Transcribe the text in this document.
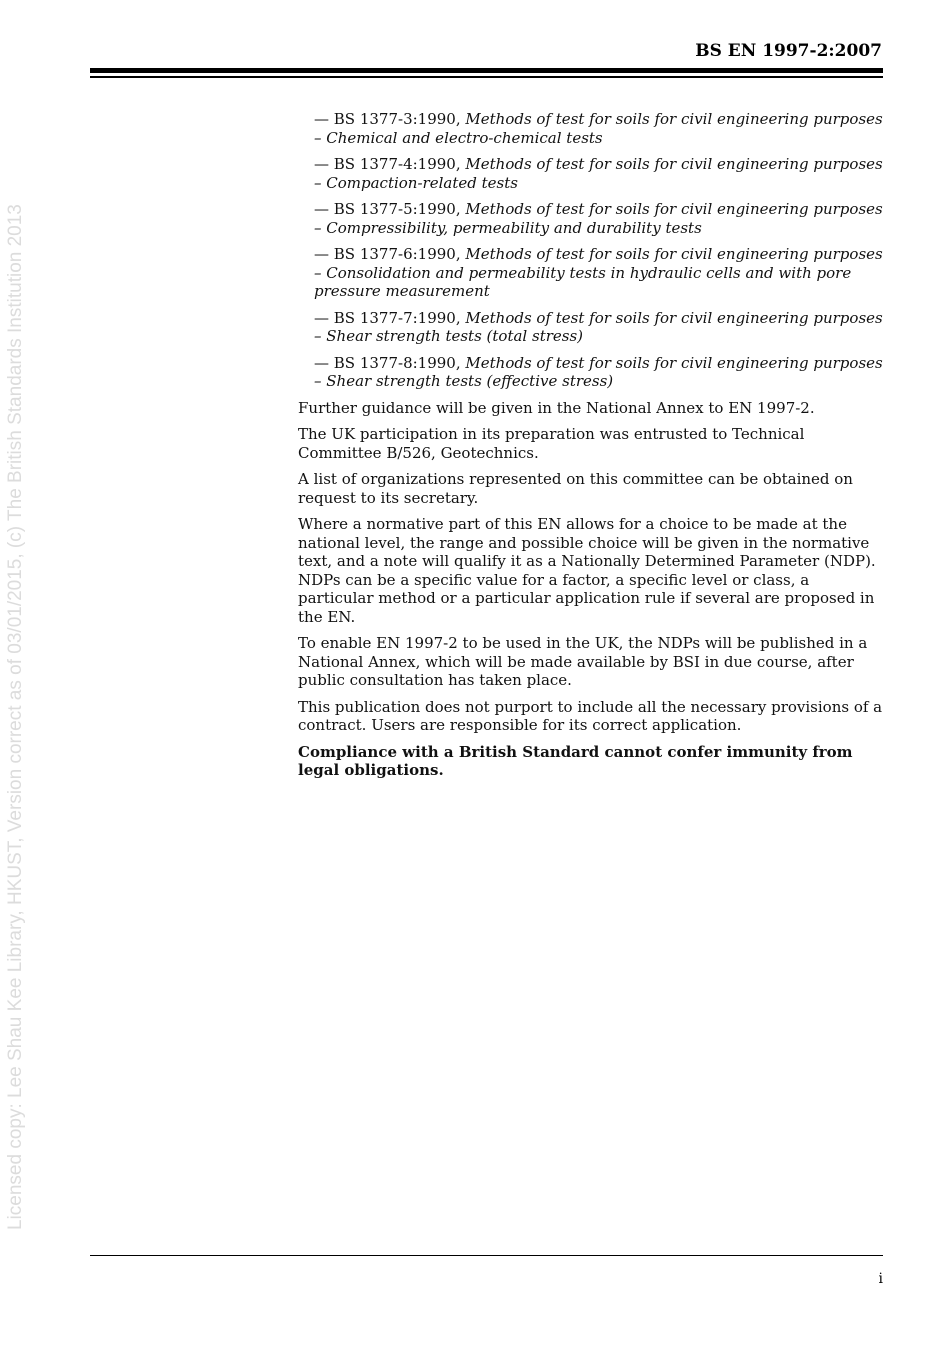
BS EN 1997-2:2007
Licensed copy: Lee Shau Kee Library, HKUST, Version correct as of 03/01/2015, (c) The British Standards Institution 2013
— BS 1377-3:1990, Methods of test for soils for civil engineering purposes – Chemical and electro-chemical tests
— BS 1377-4:1990, Methods of test for soils for civil engineering purposes – Compaction-related tests
— BS 1377-5:1990, Methods of test for soils for civil engineering purposes – Compressibility, permeability and durability tests
— BS 1377-6:1990, Methods of test for soils for civil engineering purposes – Consolidation and permeability tests in hydraulic cells and with pore pressure measurement
— BS 1377-7:1990, Methods of test for soils for civil engineering purposes – Shear strength tests (total stress)
— BS 1377-8:1990, Methods of test for soils for civil engineering purposes – Shear strength tests (effective stress)

Further guidance will be given in the National Annex to EN 1997-2.

The UK participation in its preparation was entrusted to Technical Committee B/526, Geotechnics.

A list of organizations represented on this committee can be obtained on request to its secretary.

Where a normative part of this EN allows for a choice to be made at the national level, the range and possible choice will be given in the normative text, and a note will qualify it as a Nationally Determined Parameter (NDP). NDPs can be a specific value for a factor, a specific level or class, a particular method or a particular application rule if several are proposed in the EN.

To enable EN 1997-2 to be used in the UK, the NDPs will be published in a National Annex, which will be made available by BSI in due course, after public consultation has taken place.

This publication does not purport to include all the necessary provisions of a contract. Users are responsible for its correct application.

Compliance with a British Standard cannot confer immunity from legal obligations.

i
